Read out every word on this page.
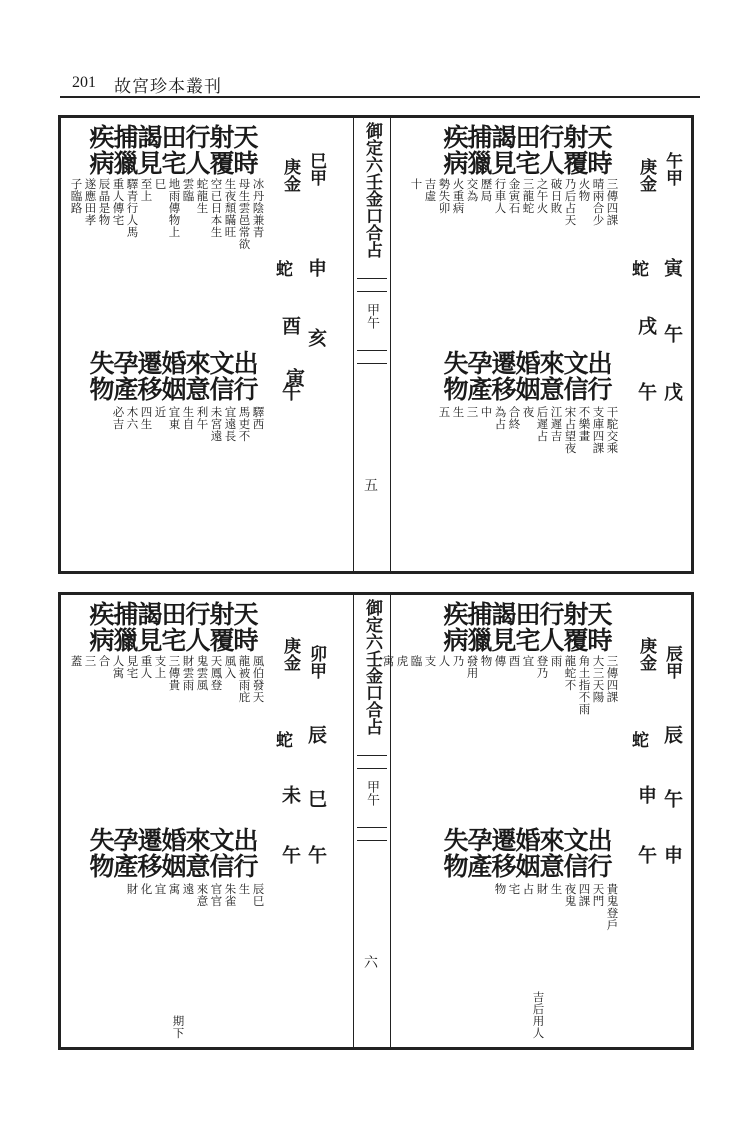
201 故宮珍本叢刊
巳甲
申
亥
寅
庚金
蛇
酉
午
天時
射覆
行人
田宅
謁見
捕獵
疾病
冰丹陰兼青
母生雲邑常欲
生夜頹瞞旺
空已日本生
蛇龍生
雲臨
地雨傳物上
巳
至上
驛青行人馬
重人傳宅
辰晶是物
遂應田孝
子臨路
出行
文信
來意
婚姻
遷移
孕產
失物
驛西
馬吏不
宜遠長
未宮遠
利午
生自
宜東
近
四生
木六
必吉
御定六壬金口合占
甲午
五
午甲
寅
午
戊
庚金
蛇
戌
午
天時
射覆
行人
田宅
謁見
捕獵
疾病
三傳四課
晴兩合少
火物
乃后占天
破日敗
之午火
三龍蛇
金寅石
行車人
歷局
交為
火重病
勢失卯
吉虛
十
出行
文信
來意
婚姻
遷移
孕產
失物
干駝交乘
支庫四課
不樂畫
宋占望夜
江遲吉
后遲占
夜
合終
為占
中
三
生
五
卯甲
辰
巳
午
庚金
蛇
未
午
天時
射覆
行人
田宅
謁見
捕獵
疾病
風伯發天
龍被雨庇
風入
天鳳登
鬼雲風
財雲雨
三傳貴
支上
重人
見宅
人寓
合
三
蓋
出行
文信
來意
婚姻
遷移
孕產
失物
辰巳
生
朱雀
官官
來意
遠
寓
宜
化
財
期下
御定六壬金口合占
甲午
六
辰甲
辰
午
申
庚金
蛇
申
午
天時
射覆
行人
田宅
謁見
捕獵
疾病
三傳四課
大三天陽
角土指不雨
龍蛇不
雨
登乃
宜
酉
傳
物
發用
乃
人
支
臨
虎
寓
出行
文信
來意
婚姻
遷移
孕產
失物
貴鬼登戶
天門
四課
夜鬼
生
財
占
宅
物
吉后用人
